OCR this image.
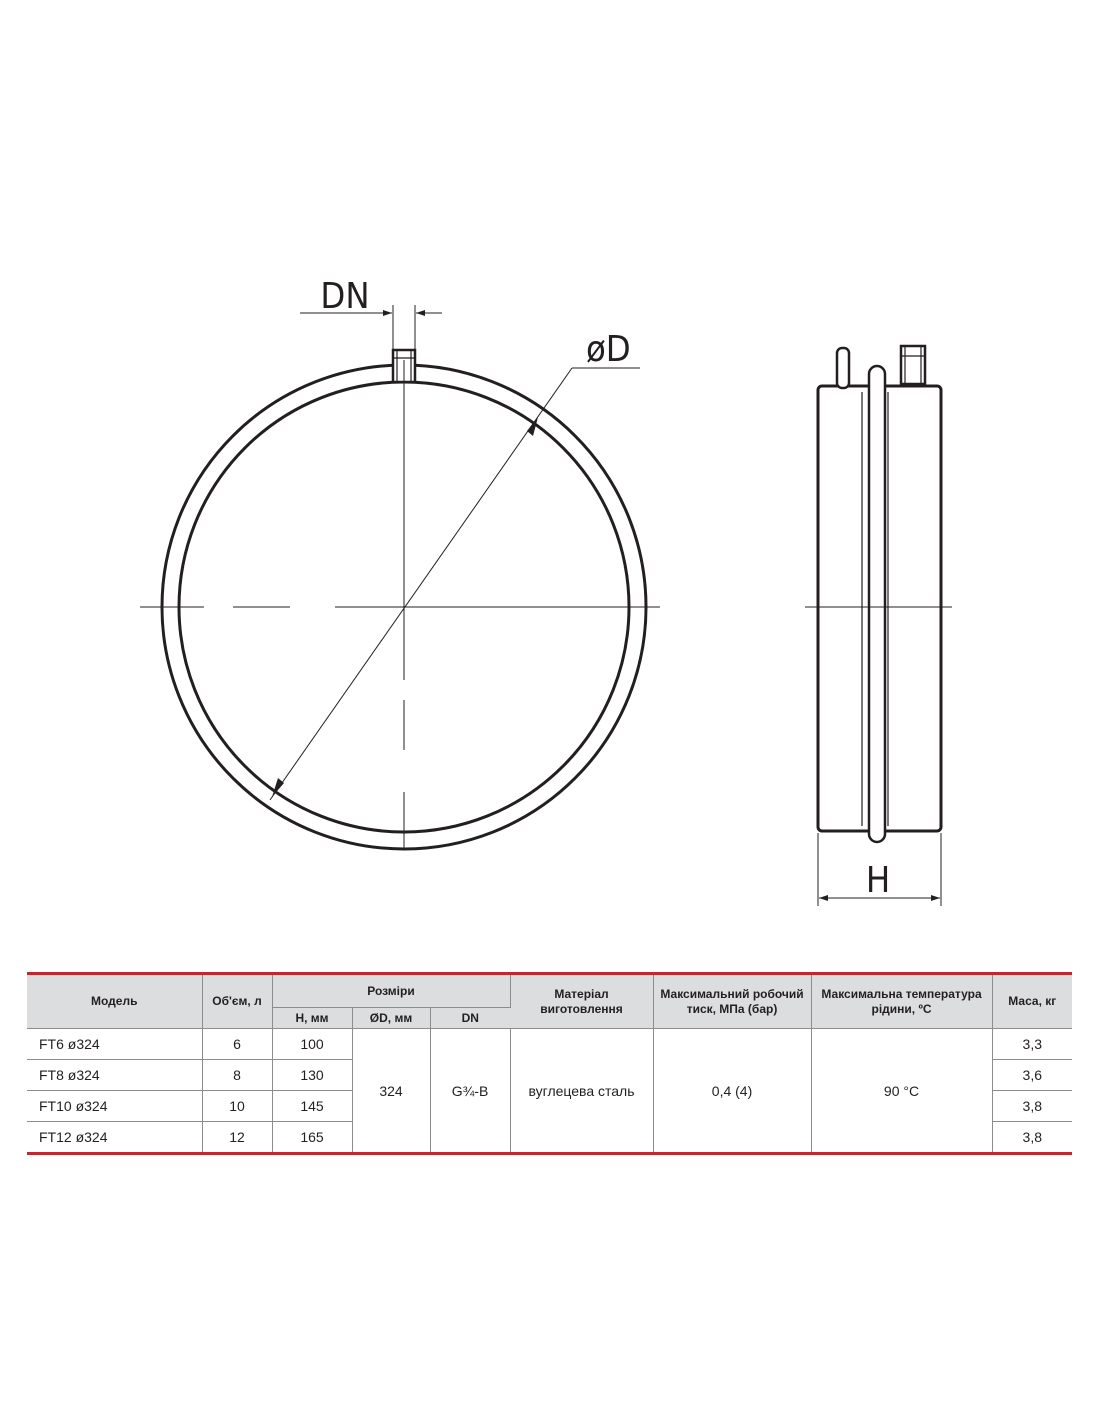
øD
DN
H
Модель	Об'єм, л	Розміри			Матеріал виготовлення	Максимальний робочий тиск, МПа (бар)	Максимальна температура рідини, ºС	Маса, кг
		H, мм	ØD, мм	DN				
FT6 ø324	6	100	324	G¾-B	вуглецева сталь	0,4 (4)	90 °C	3,3
FT8 ø324	8	130						3,6
FT10 ø324	10	145						3,8
FT12 ø324	12	165						3,8
